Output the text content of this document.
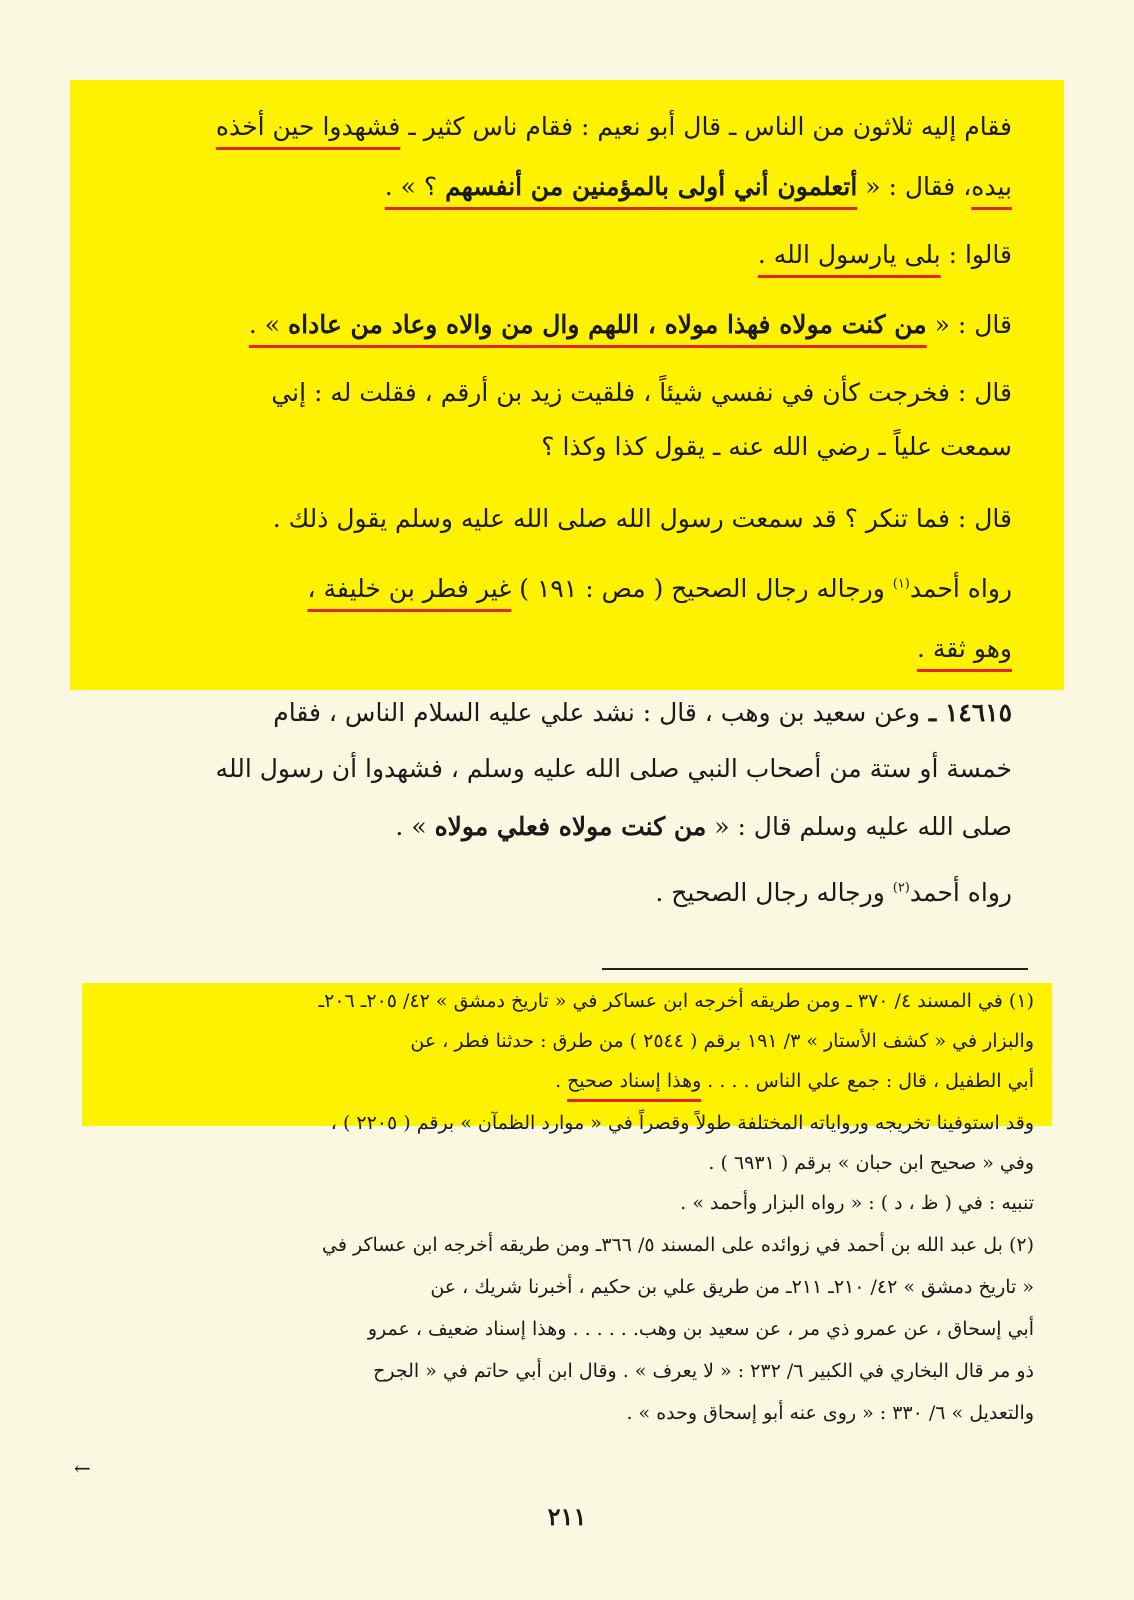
فقام إليه ثلاثون من الناس ـ قال أبو نعيم : فقام ناس كثير ـ فشهدوا حين أخذه
بيده، فقال : « أتعلمون أني أولى بالمؤمنين من أنفسهم ؟ » .
قالوا : بلى يارسول الله .
قال : « من كنت مولاه فهذا مولاه ، اللهم وال من والاه وعاد من عاداه » .
قال : فخرجت كأن في نفسي شيئاً ، فلقيت زيد بن أرقم ، فقلت له : إني
سمعت علياً ـ رضي الله عنه ـ يقول كذا وكذا ؟
قال : فما تنكر ؟ قد سمعت رسول الله صلى الله عليه وسلم يقول ذلك .
رواه أحمد$^{(١)}$ ورجاله رجال الصحيح ( مص : ١٩١ ) غير فطر بن خليفة ،
وهو ثقة .
١٤٦١٥ ـ وعن سعيد بن وهب ، قال : نشد علي عليه السلام الناس ، فقام
خمسة أو ستة من أصحاب النبي صلى الله عليه وسلم ، فشهدوا أن رسول الله
صلى الله عليه وسلم قال : « من كنت مولاه فعلي مولاه » .
رواه أحمد$^{(٢)}$ ورجاله رجال الصحيح .
(١) في المسند ٤/ ٣٧٠ ـ ومن طريقه أخرجه ابن عساكر في « تاريخ دمشق » ٤٢/ ٢٠٥ـ ٢٠٦ـ
والبزار في « كشف الأستار » ٣/ ١٩١ برقم ( ٢٥٤٤ ) من طرق : حدثنا فطر ، عن
أبي الطفيل ، قال : جمع علي الناس . . . . وهذا إسناد صحيح .
وقد استوفينا تخريجه ورواياته المختلفة طولاً وقصراً في « موارد الظمآن » برقم ( ٢٢٠٥ ) ،
وفي « صحيح ابن حبان » برقم ( ٦٩٣١ ) .
تنبيه : في ( ظ ، د ) : « رواه البزار وأحمد » .
(٢) بل عبد الله بن أحمد في زوائده على المسند ٥/ ٣٦٦ـ ومن طريقه أخرجه ابن عساكر في
« تاريخ دمشق » ٤٢/ ٢١٠ـ ٢١١ـ من طريق علي بن حكيم ، أخبرنا شريك ، عن
أبي إسحاق ، عن عمرو ذي مر ، عن سعيد بن وهب. . . . . . وهذا إسناد ضعيف ، عمرو
ذو مر قال البخاري في الكبير ٦/ ٢٣٢ : « لا يعرف » . وقال ابن أبي حاتم في « الجرح
والتعديل » ٦/ ٣٣٠ : « روى عنه أبو إسحاق وحده » .
←
٢١١
